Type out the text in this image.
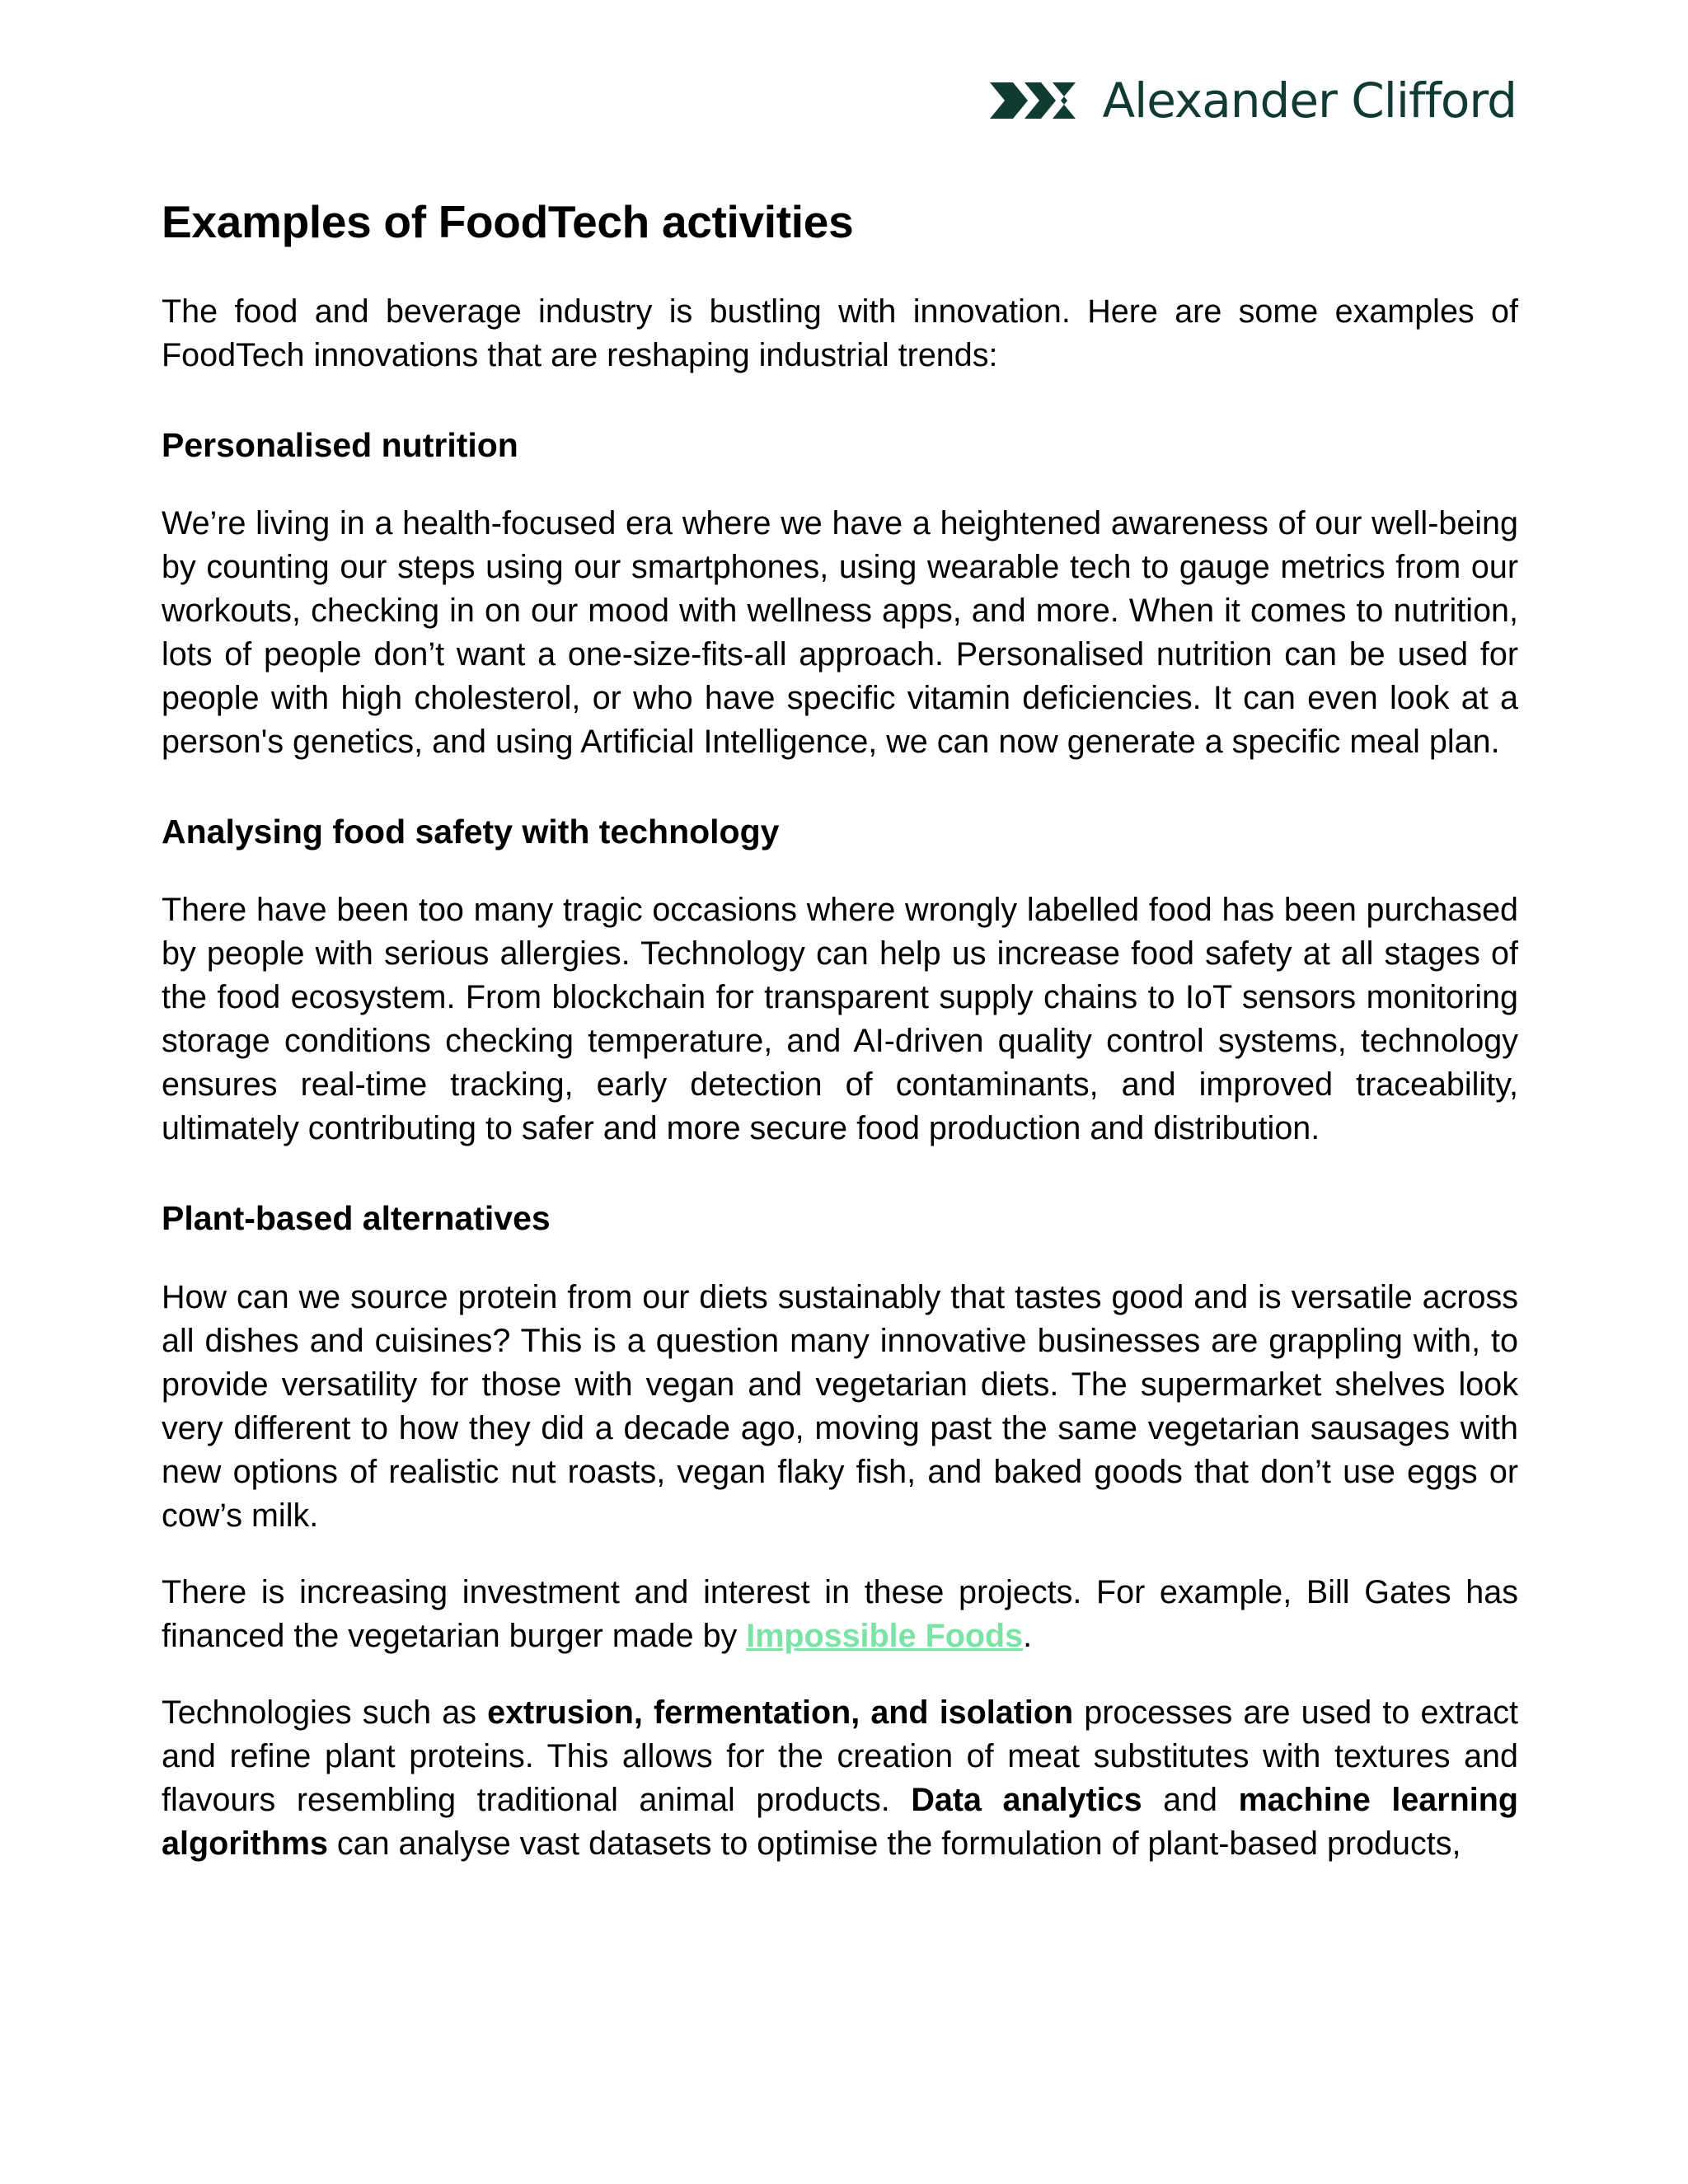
Alexander Clifford
Examples of FoodTech activities

The food and beverage industry is bustling with innovation. Here are some examples of FoodTech innovations that are reshaping industrial trends:

Personalised nutrition

We’re living in a health-focused era where we have a heightened awareness of our well-being by counting our steps using our smartphones, using wearable tech to gauge metrics from our workouts, checking in on our mood with wellness apps, and more. When it comes to nutrition, lots of people don’t want a one-size-fits-all approach. Personalised nutrition can be used for people with high cholesterol, or who have specific vitamin deficiencies. It can even look at a person's genetics, and using Artificial Intelligence, we can now generate a specific meal plan.

Analysing food safety with technology

There have been too many tragic occasions where wrongly labelled food has been purchased by people with serious allergies. Technology can help us increase food safety at all stages of the food ecosystem. From blockchain for transparent supply chains to IoT sensors monitoring storage conditions checking temperature, and AI-driven quality control systems, technology ensures real-time tracking, early detection of contaminants, and improved traceability, ultimately contributing to safer and more secure food production and distribution.

Plant-based alternatives

How can we source protein from our diets sustainably that tastes good and is versatile across all dishes and cuisines? This is a question many innovative businesses are grappling with, to provide versatility for those with vegan and vegetarian diets. The supermarket shelves look very different to how they did a decade ago, moving past the same vegetarian sausages with new options of realistic nut roasts, vegan flaky fish, and baked goods that don’t use eggs or cow’s milk.

There is increasing investment and interest in these projects. For example, Bill Gates has financed the vegetarian burger made by Impossible Foods.

Technologies such as extrusion, fermentation, and isolation processes are used to extract and refine plant proteins. This allows for the creation of meat substitutes with textures and flavours resembling traditional animal products. Data analytics and machine learning algorithms can analyse vast datasets to optimise the formulation of plant-based products,
